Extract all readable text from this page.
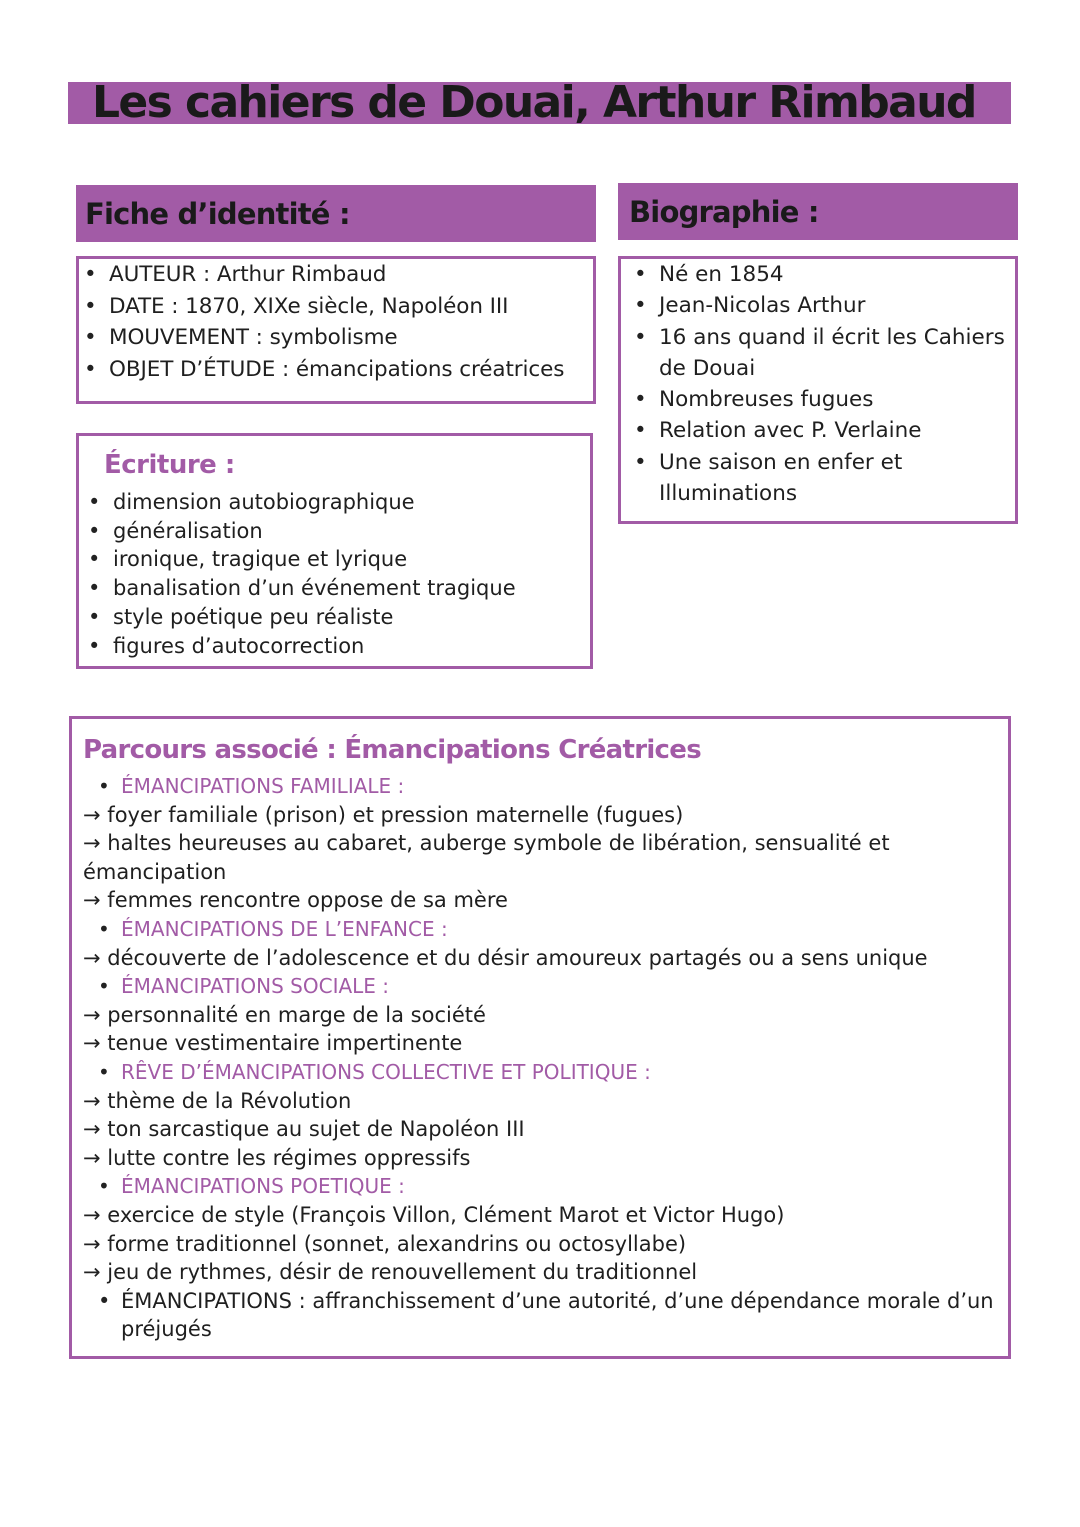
Les cahiers de Douai, Arthur Rimbaud
Fiche d’identité :
• AUTEUR : Arthur Rimbaud
• DATE : 1870, XIXe siècle, Napoléon III
• MOUVEMENT : symbolisme
• OBJET D’ÉTUDE : émancipations créatrices
Écriture :
• dimension autobiographique
• généralisation
• ironique, tragique et lyrique
• banalisation d’un événement tragique
• style poétique peu réaliste
• figures d’autocorrection
Biographie :
• Né en 1854
• Jean-Nicolas Arthur
• 16 ans quand il écrit les Cahiers de Douai
• Nombreuses fugues
• Relation avec P. Verlaine
• Une saison en enfer et Illuminations
Parcours associé : Émancipations Créatrices
• ÉMANCIPATIONS FAMILIALE :
→ foyer familiale (prison) et pression maternelle (fugues)
→ haltes heureuses au cabaret, auberge symbole de libération, sensualité et émancipation
→ femmes rencontre oppose de sa mère
• ÉMANCIPATIONS DE L’ENFANCE :
→ découverte de l’adolescence et du désir amoureux partagés ou a sens unique
• ÉMANCIPATIONS SOCIALE :
→ personnalité en marge de la société
→ tenue vestimentaire impertinente
• RÊVE D’ÉMANCIPATIONS COLLECTIVE ET POLITIQUE :
→ thème de la Révolution
→ ton sarcastique au sujet de Napoléon III
→ lutte contre les régimes oppressifs
• ÉMANCIPATIONS POETIQUE :
→ exercice de style (François Villon, Clément Marot et Victor Hugo)
→ forme traditionnel (sonnet, alexandrins ou octosyllabe)
→ jeu de rythmes, désir de renouvellement du traditionnel
• ÉMANCIPATIONS : affranchissement d’une autorité, d’une dépendance morale d’un préjugés
